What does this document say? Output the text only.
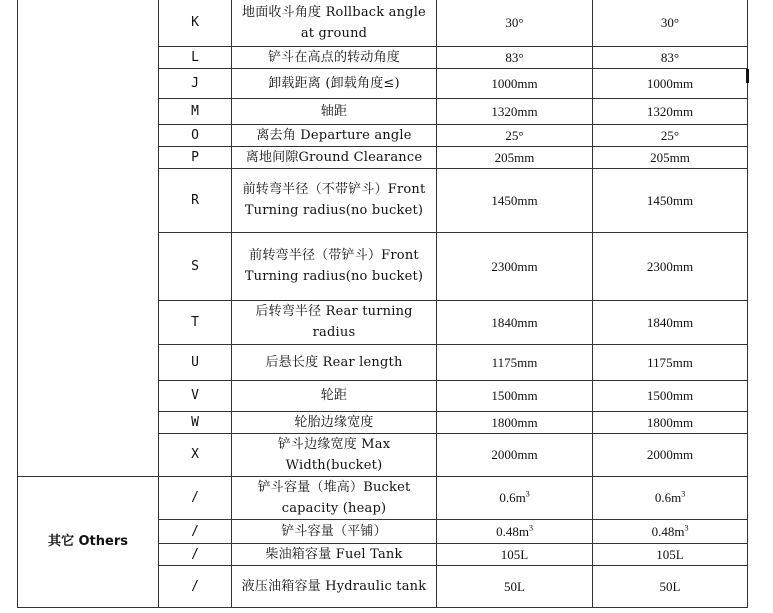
	K	地面收斗角度 Rollback angle at ground	30°	30°
	L	铲斗在高点的转动角度	83°	83°
	J	卸载距离 (卸载角度≤)	1000mm	1000mm
	M	轴距	1320mm	1320mm
	O	离去角 Departure angle	25°	25°
	P	离地间隙Ground Clearance	205mm	205mm
	R	前转弯半径（不带铲斗）Front Turning radius(no bucket)	1450mm	1450mm
	S	前转弯半径（带铲斗）Front Turning radius(no bucket)	2300mm	2300mm
	T	后转弯半径 Rear turning radius	1840mm	1840mm
	U	后悬长度 Rear length	1175mm	1175mm
	V	轮距	1500mm	1500mm
	W	轮胎边缘宽度	1800mm	1800mm
	X	铲斗边缘宽度 Max Width(bucket)	2000mm	2000mm
其它 Others	/	铲斗容量（堆高）Bucket capacity (heap)	$0.6m^3$	$0.6m^3$
	/	铲斗容量（平铺）	$0.48m^3$	$0.48m^3$
	/	柴油箱容量 Fuel Tank	105L	105L
	/	液压油箱容量 Hydraulic tank	50L	50L
